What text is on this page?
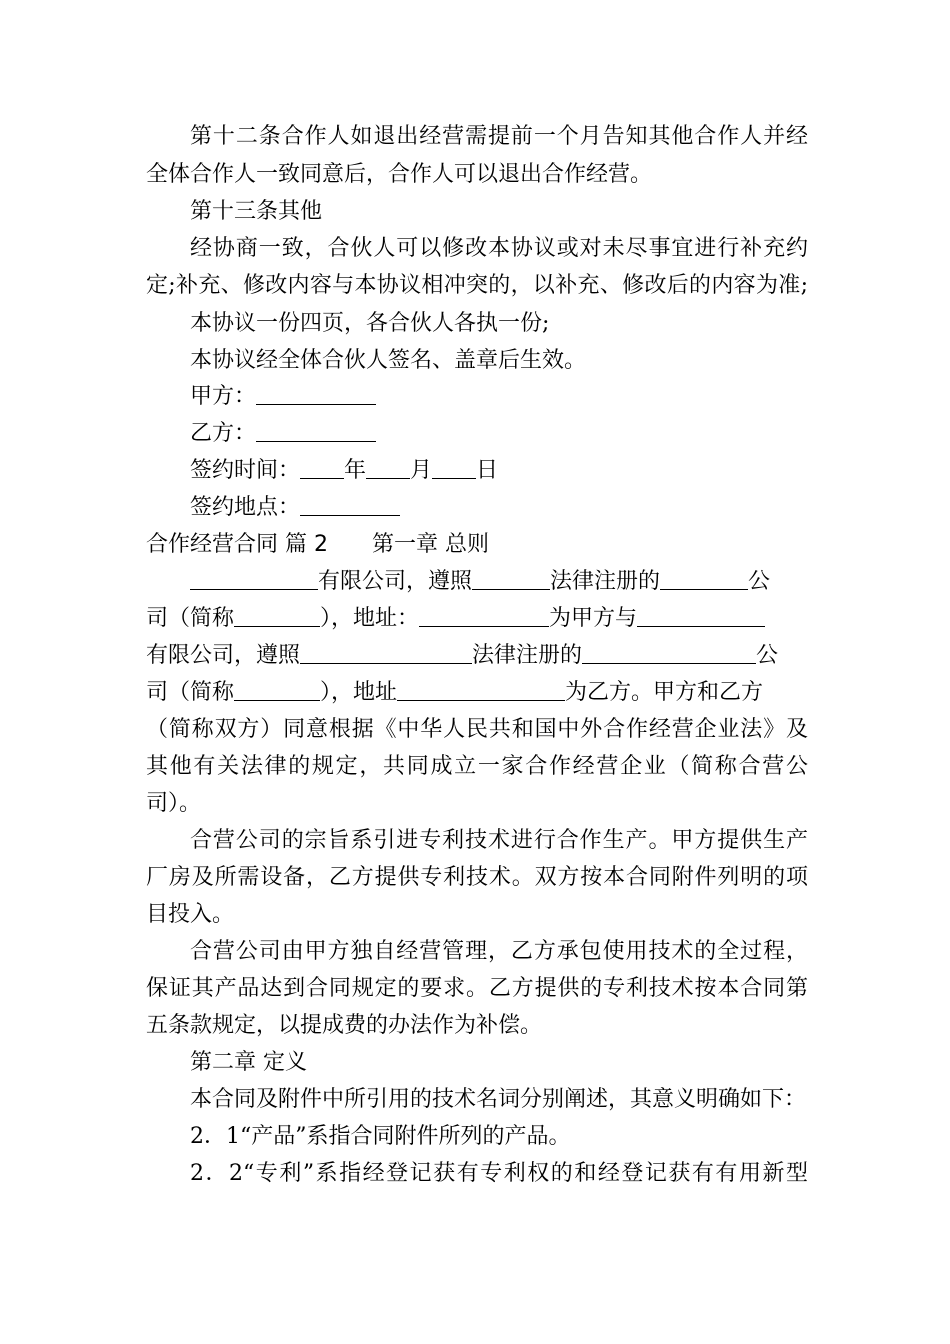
第十二条合作人如退出经营需提前一个月告知其他合作人并经
全体合作人一致同意后，合作人可以退出合作经营。
第十三条其他
经协商一致，合伙人可以修改本协议或对未尽事宜进行补充约
定;补充、修改内容与本协议相冲突的，以补充、修改后的内容为准;
本协议一份四页，各合伙人各执一份;
本协议经全体合伙人签名、盖章后生效。
甲方：
乙方：
签约时间： 年 月 日
签约地点：
合作经营合同 篇 2 第一章 总则
有限公司，遵照	法律注册的	公
司（简称	），地址：	为甲方与
有限公司，遵照	法律注册的	公
司（简称	），地址	为乙方。甲方和乙方
（简称双方）同意根据《中华人民共和国中外合作经营企业法》及
其他有关法律的规定，共同成立一家合作经营企业（简称合营公
司）。
合营公司的宗旨系引进专利技术进行合作生产。甲方提供生产
厂房及所需设备，乙方提供专利技术。双方按本合同附件列明的项
目投入。
合营公司由甲方独自经营管理，乙方承包使用技术的全过程，
保证其产品达到合同规定的要求。乙方提供的专利技术按本合同第
五条款规定，以提成费的办法作为补偿。
第二章 定义
本合同及附件中所引用的技术名词分别阐述，其意义明确如下：
2．1“产品”系指合同附件所列的产品。
2．2“专利”系指经登记获有专利权的和经登记获有有用新型
